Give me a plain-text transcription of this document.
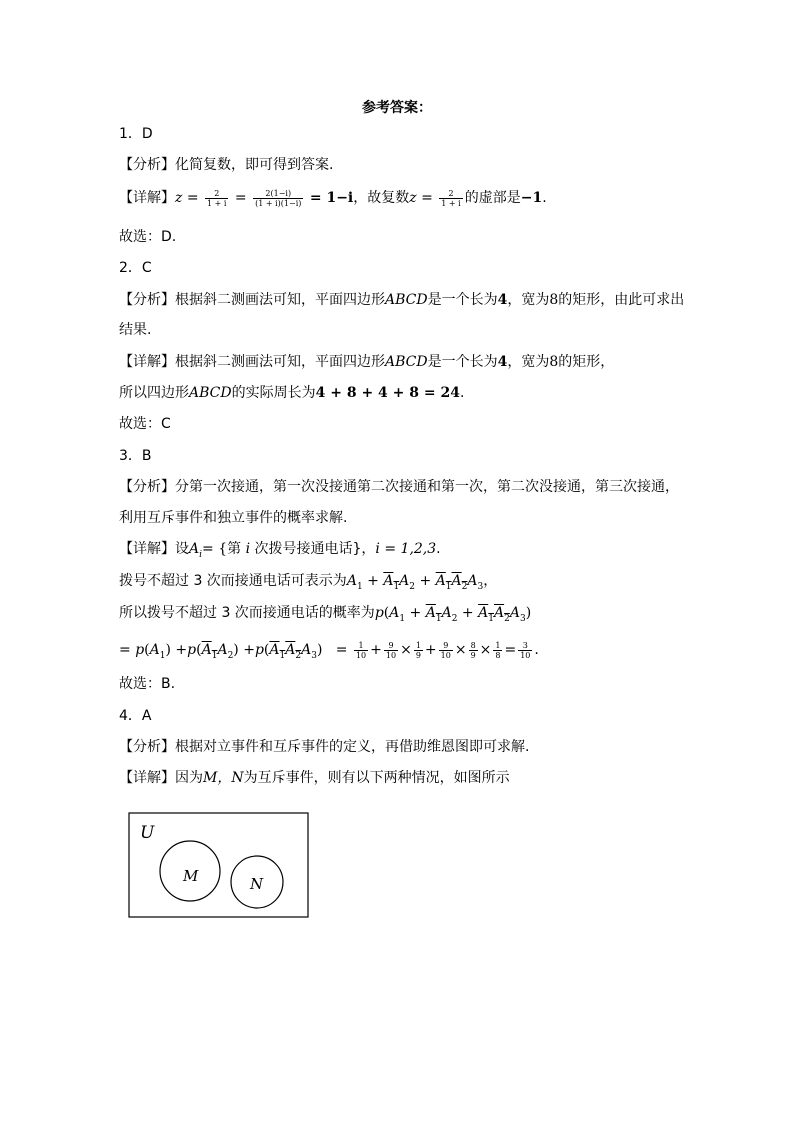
参考答案：
1．D
【分析】化简复数，即可得到答案.
【详解】$z = \frac{2}{1 + i} = \frac{2(1-i)}{(1 + i)(1-i)} = 1-i$，故复数$z = \frac{2}{1 + i}$ 的虚部是−1.
故选：D.
2．C
【分析】根据斜二测画法可知，平面四边形ABCD是一个长为4，宽为8的矩形，由此可求出
结果.
【详解】根据斜二测画法可知，平面四边形ABCD是一个长为4，宽为8的矩形，
所以四边形ABCD的实际周长为4 + 8 + 4 + 8 = 24.
故选：C
3．B
【分析】分第一次接通，第一次没接通第二次接通和第一次，第二次没接通，第三次接通，
利用互斥事件和独立事件的概率求解.
【详解】设$A_i=$ {第 i 次拨号接通电话}，i = 1,2,3.
拨号不超过 3 次而接通电话可表示为$A_1 + \overline{A}_1A_2 + \overline{A}_1\overline{A}_2A_3$，
所以拨号不超过 3 次而接通电话的概率为$p(A_1 + \overline{A}_1A_2 + \overline{A}_1\overline{A}_2A_3)$
= $p(A_1) +p(\overline{A}_1A_2) +p(\overline{A}_1\overline{A}_2A_3) = \frac{1}{10} + \frac{9}{10} \times \frac{1}{9} + \frac{9}{10} \times \frac{8}{9} \times \frac{1}{8} = \frac{3}{10}$ .
故选：B.
4．A
【分析】根据对立事件和互斥事件的定义，再借助维恩图即可求解.
【详解】因为M，N为互斥事件，则有以下两种情况，如图所示
U
M	N
